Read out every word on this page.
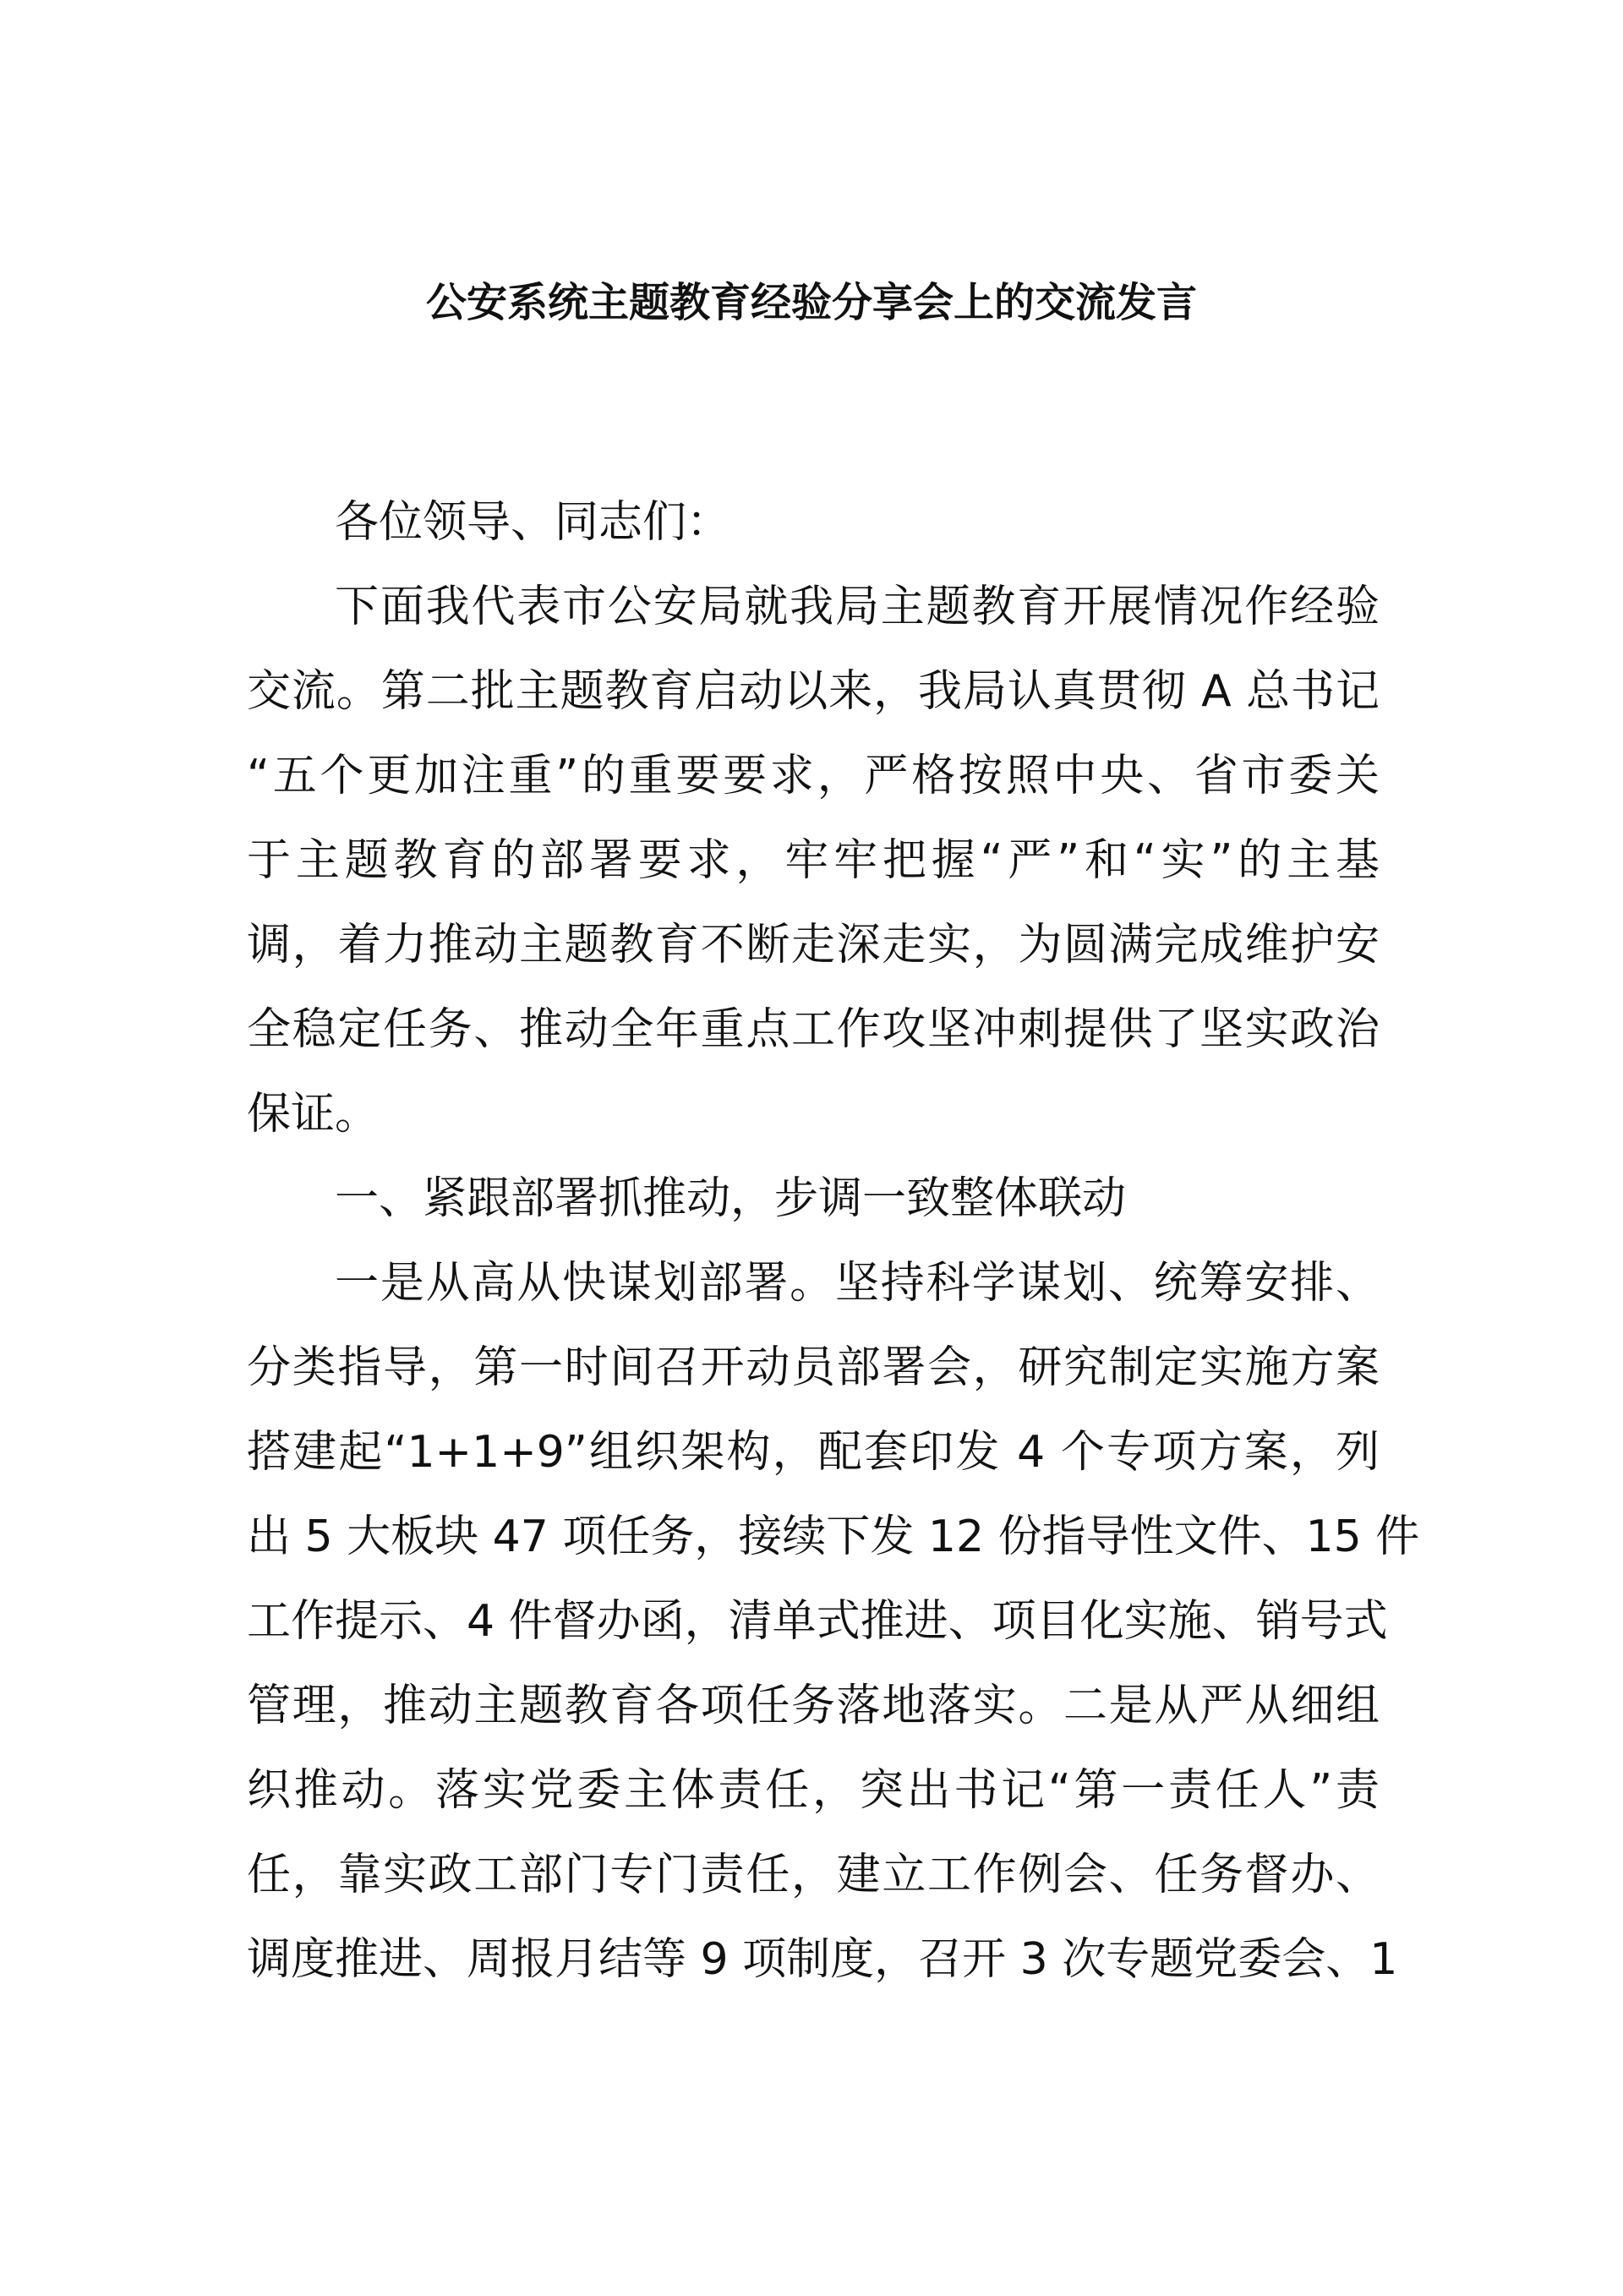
公安系统主题教育经验分享会上的交流发言
各位领导、同志们：
下面我代表市公安局就我局主题教育开展情况作经验
交流。第二批主题教育启动以来，我局认真贯彻 A 总书记
“五个更加注重”的重要要求，严格按照中央、省市委关
于主题教育的部署要求，牢牢把握“严”和“实”的主基
调，着力推动主题教育不断走深走实，为圆满完成维护安
全稳定任务、推动全年重点工作攻坚冲刺提供了坚实政治
保证。
一、紧跟部署抓推动，步调一致整体联动
一是从高从快谋划部署。坚持科学谋划、统筹安排、
分类指导，第一时间召开动员部署会，研究制定实施方案
搭建起“1+1+9”组织架构，配套印发 4 个专项方案，列
出 5 大板块 47 项任务，接续下发 12 份指导性文件、15 件
工作提示、4 件督办函，清单式推进、项目化实施、销号式
管理，推动主题教育各项任务落地落实。二是从严从细组
织推动。落实党委主体责任，突出书记“第一责任人”责
任，靠实政工部门专门责任，建立工作例会、任务督办、
调度推进、周报月结等 9 项制度，召开 3 次专题党委会、1
